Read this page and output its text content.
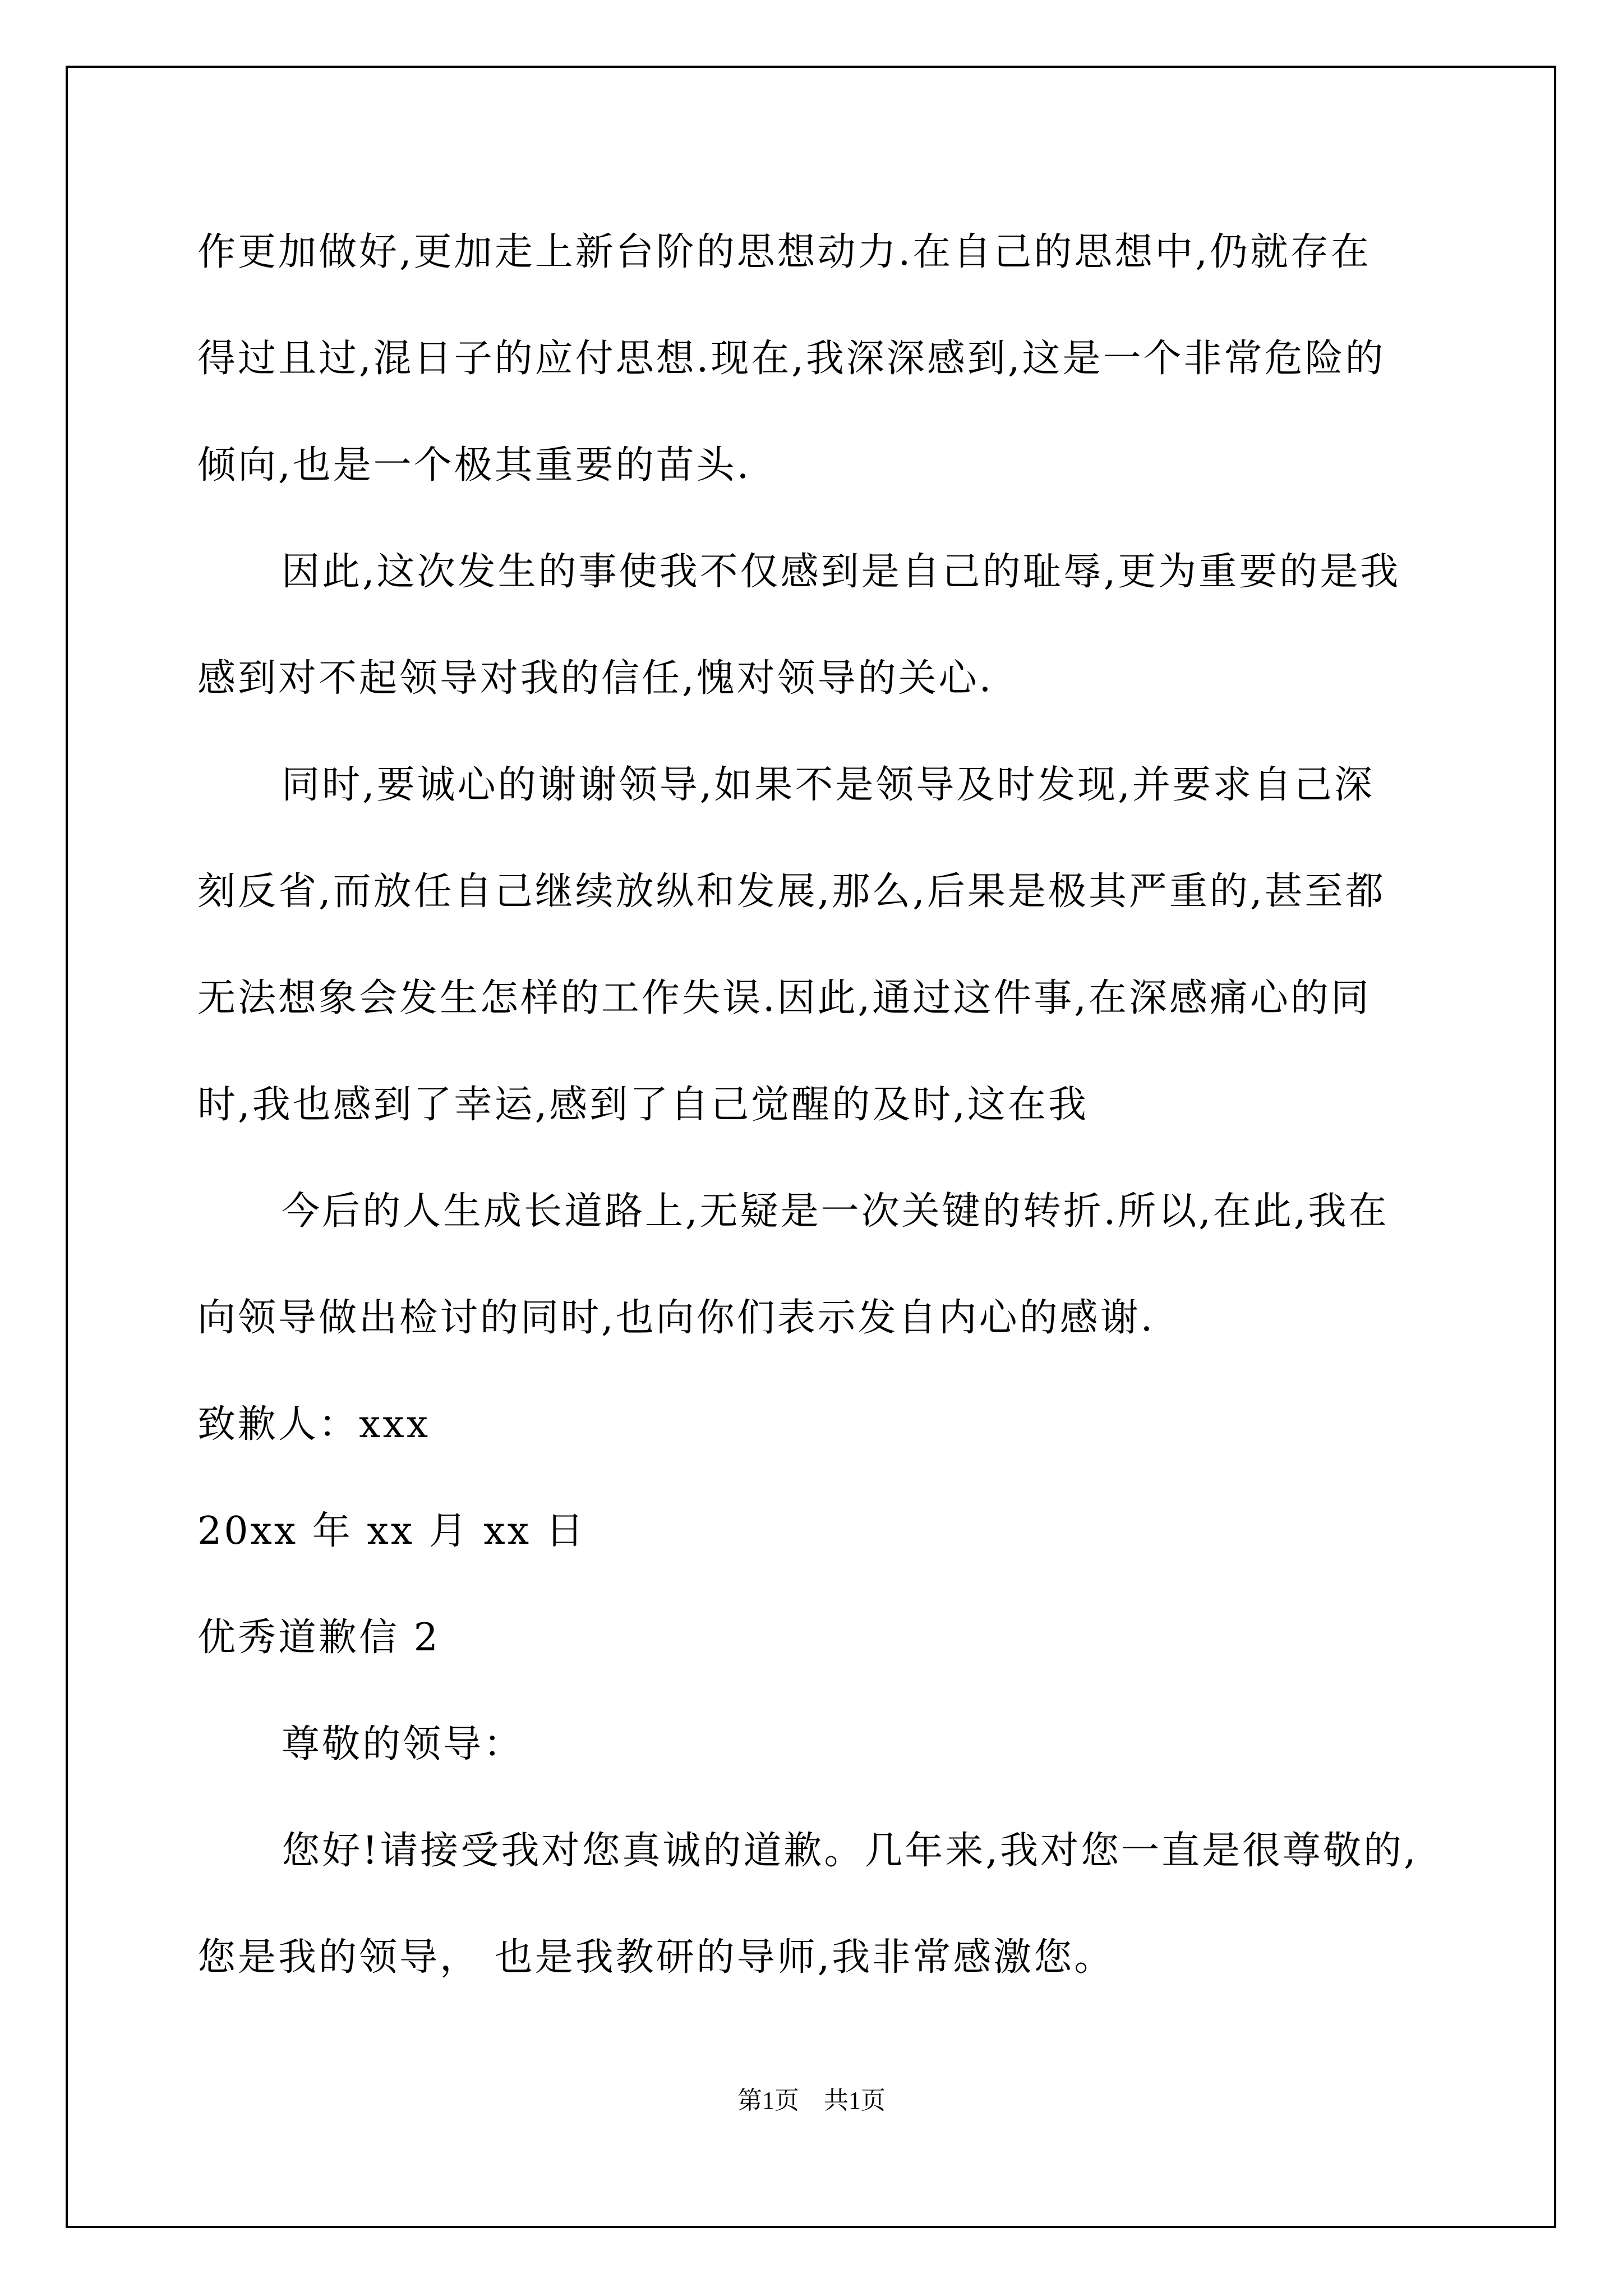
作更加做好,更加走上新台阶的思想动力.在自己的思想中,仍就存在
得过且过,混日子的应付思想.现在,我深深感到,这是一个非常危险的
倾向,也是一个极其重要的苗头.
因此,这次发生的事使我不仅感到是自己的耻辱,更为重要的是我
感到对不起领导对我的信任,愧对领导的关心.
同时,要诚心的谢谢领导,如果不是领导及时发现,并要求自己深
刻反省,而放任自己继续放纵和发展,那么,后果是极其严重的,甚至都
无法想象会发生怎样的工作失误.因此,通过这件事,在深感痛心的同
时,我也感到了幸运,感到了自己觉醒的及时,这在我
今后的人生成长道路上,无疑是一次关键的转折.所以,在此,我在
向领导做出检讨的同时,也向你们表示发自内心的感谢.
致歉人：xxx
20xx 年 xx 月 xx 日
优秀道歉信 2
尊敬的领导：
您好!请接受我对您真诚的道歉。几年来,我对您一直是很尊敬的,
您是我的领导， 也是我教研的导师,我非常感激您。
第1页　共1页
